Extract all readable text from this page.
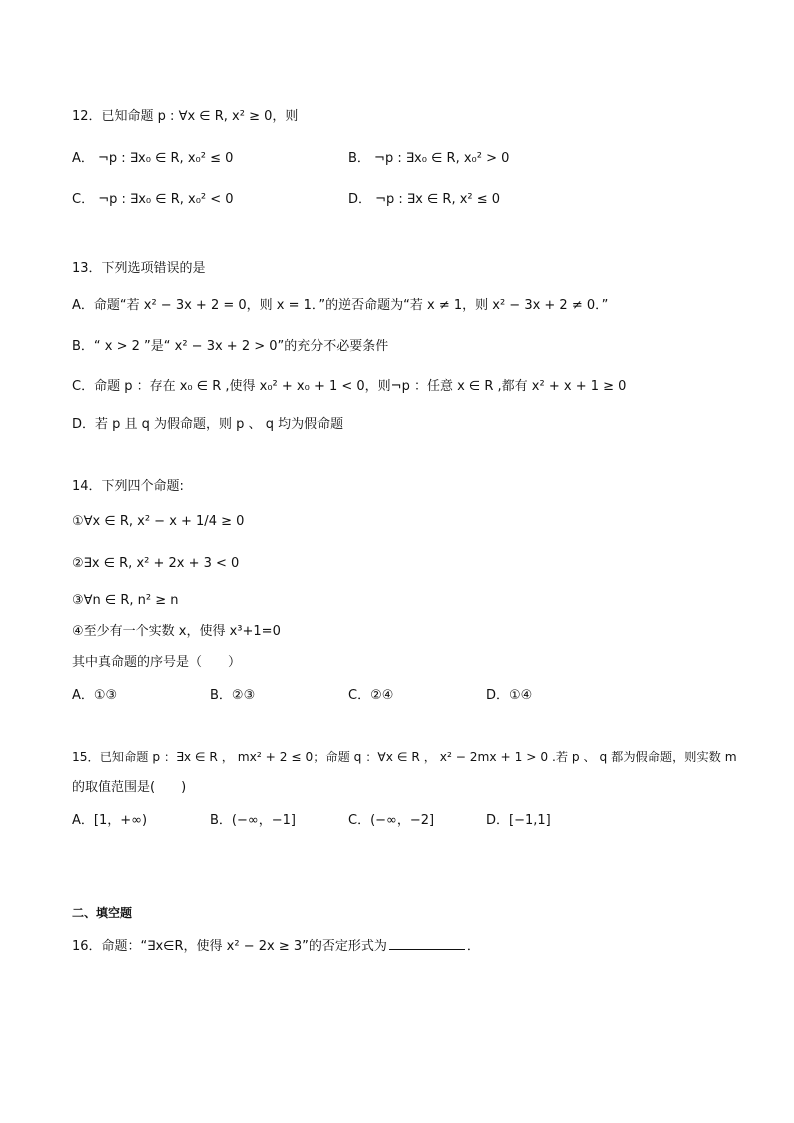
12．已知命题 p : ∀x ∈ R, x² ≥ 0，则
A． ¬p : ∃x₀ ∈ R, x₀² ≤ 0	B． ¬p : ∃x₀ ∈ R, x₀² > 0
C． ¬p : ∃x₀ ∈ R, x₀² < 0	D． ¬p : ∃x ∈ R, x² ≤ 0
13．下列选项错误的是
A．命题“若 x² − 3x + 2 = 0，则 x = 1．”的逆否命题为“若 x ≠ 1，则 x² − 3x + 2 ≠ 0．”
B．“ x > 2 ”是“ x² − 3x + 2 > 0”的充分不必要条件
C．命题 p ：存在 x₀ ∈ R ,使得 x₀² + x₀ + 1 < 0，则¬p ：任意 x ∈ R ,都有 x² + x + 1 ≥ 0
D．若 p 且 q 为假命题，则 p 、 q 均为假命题
14．下列四个命题:
①∀x ∈ R, x² − x + 1/4 ≥ 0
②∃x ∈ R, x² + 2x + 3 < 0
③∀n ∈ R, n² ≥ n
④至少有一个实数 x，使得 x³+1=0
其中真命题的序号是（　　）
A．①③	B．②③	C．②④	D．①④
15．已知命题 p ：∃x ∈ R ， mx² + 2 ≤ 0；命题 q ：∀x ∈ R ， x² − 2mx + 1 > 0 .若 p 、 q 都为假命题，则实数 m
的取值范围是(　　)
A．[1，+∞)	B．(−∞，−1]	C．(−∞，−2]	D．[−1,1]
二、填空题
16．命题：“∃x∈R，使得 x² − 2x ≥ 3”的否定形式为	．
